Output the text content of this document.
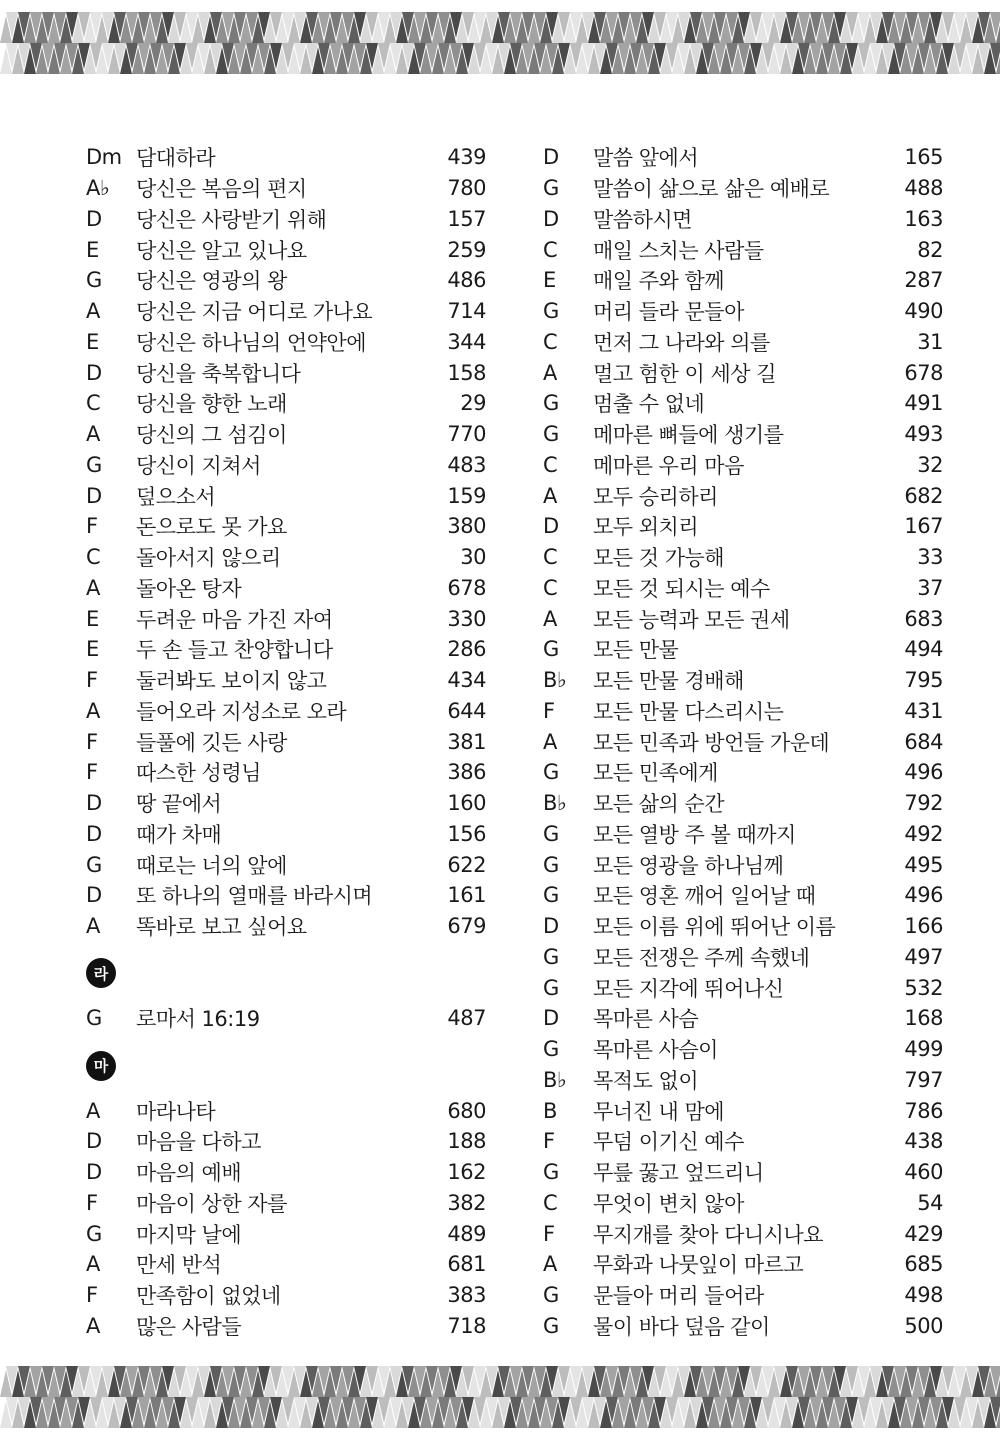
Dm 담대하라	439
A♭	당신은 복음의 편지	780
D	당신은 사랑받기 위해	157
E	당신은 알고 있나요	259
G	당신은 영광의 왕	486
A	당신은 지금 어디로 가나요	714
E	당신은 하나님의 언약안에	344
D	당신을 축복합니다	158
C	당신을 향한 노래	29
A	당신의 그 섬김이	770
G	당신이 지쳐서	483
D	덮으소서	159
F	돈으로도 못 가요	380
C	돌아서지 않으리	30
A	돌아온 탕자	678
E	두려운 마음 가진 자여	330
E	두 손 들고 찬양합니다	286
F	둘러봐도 보이지 않고	434
A	들어오라 지성소로 오라	644
F	들풀에 깃든 사랑	381
F	따스한 성령님	386
D	땅 끝에서	160
D	때가 차매	156
G	때로는 너의 앞에	622
D	또 하나의 열매를 바라시며	161
A	똑바로 보고 싶어요	679
라
G	로마서 16:19	487
마
A	마라나타	680
D	마음을 다하고	188
D	마음의 예배	162
F	마음이 상한 자를	382
G	마지막 날에	489
A	만세 반석	681
F	만족함이 없었네	383
A	많은 사람들	718
D	말씀 앞에서	165
G	말씀이 삶으로 삶은 예배로	488
D	말씀하시면	163
C	매일 스치는 사람들	82
E	매일 주와 함께	287
G	머리 들라 문들아	490
C	먼저 그 나라와 의를	31
A	멀고 험한 이 세상 길	678
G	멈출 수 없네	491
G	메마른 뼈들에 생기를	493
C	메마른 우리 마음	32
A	모두 승리하리	682
D	모두 외치리	167
C	모든 것 가능해	33
C	모든 것 되시는 예수	37
A	모든 능력과 모든 권세	683
G	모든 만물	494
B♭	모든 만물 경배해	795
F	모든 만물 다스리시는	431
A	모든 민족과 방언들 가운데	684
G	모든 민족에게	496
B♭	모든 삶의 순간	792
G	모든 열방 주 볼 때까지	492
G	모든 영광을 하나님께	495
G	모든 영혼 깨어 일어날 때	496
D	모든 이름 위에 뛰어난 이름	166
G	모든 전쟁은 주께 속했네	497
G	모든 지각에 뛰어나신	532
D	목마른 사슴	168
G	목마른 사슴이	499
B♭	목적도 없이	797
B	무너진 내 맘에	786
F	무덤 이기신 예수	438
G	무릎 꿇고 엎드리니	460
C	무엇이 변치 않아	54
F	무지개를 찾아 다니시나요	429
A	무화과 나뭇잎이 마르고	685
G	문들아 머리 들어라	498
G	물이 바다 덮음 같이	500
